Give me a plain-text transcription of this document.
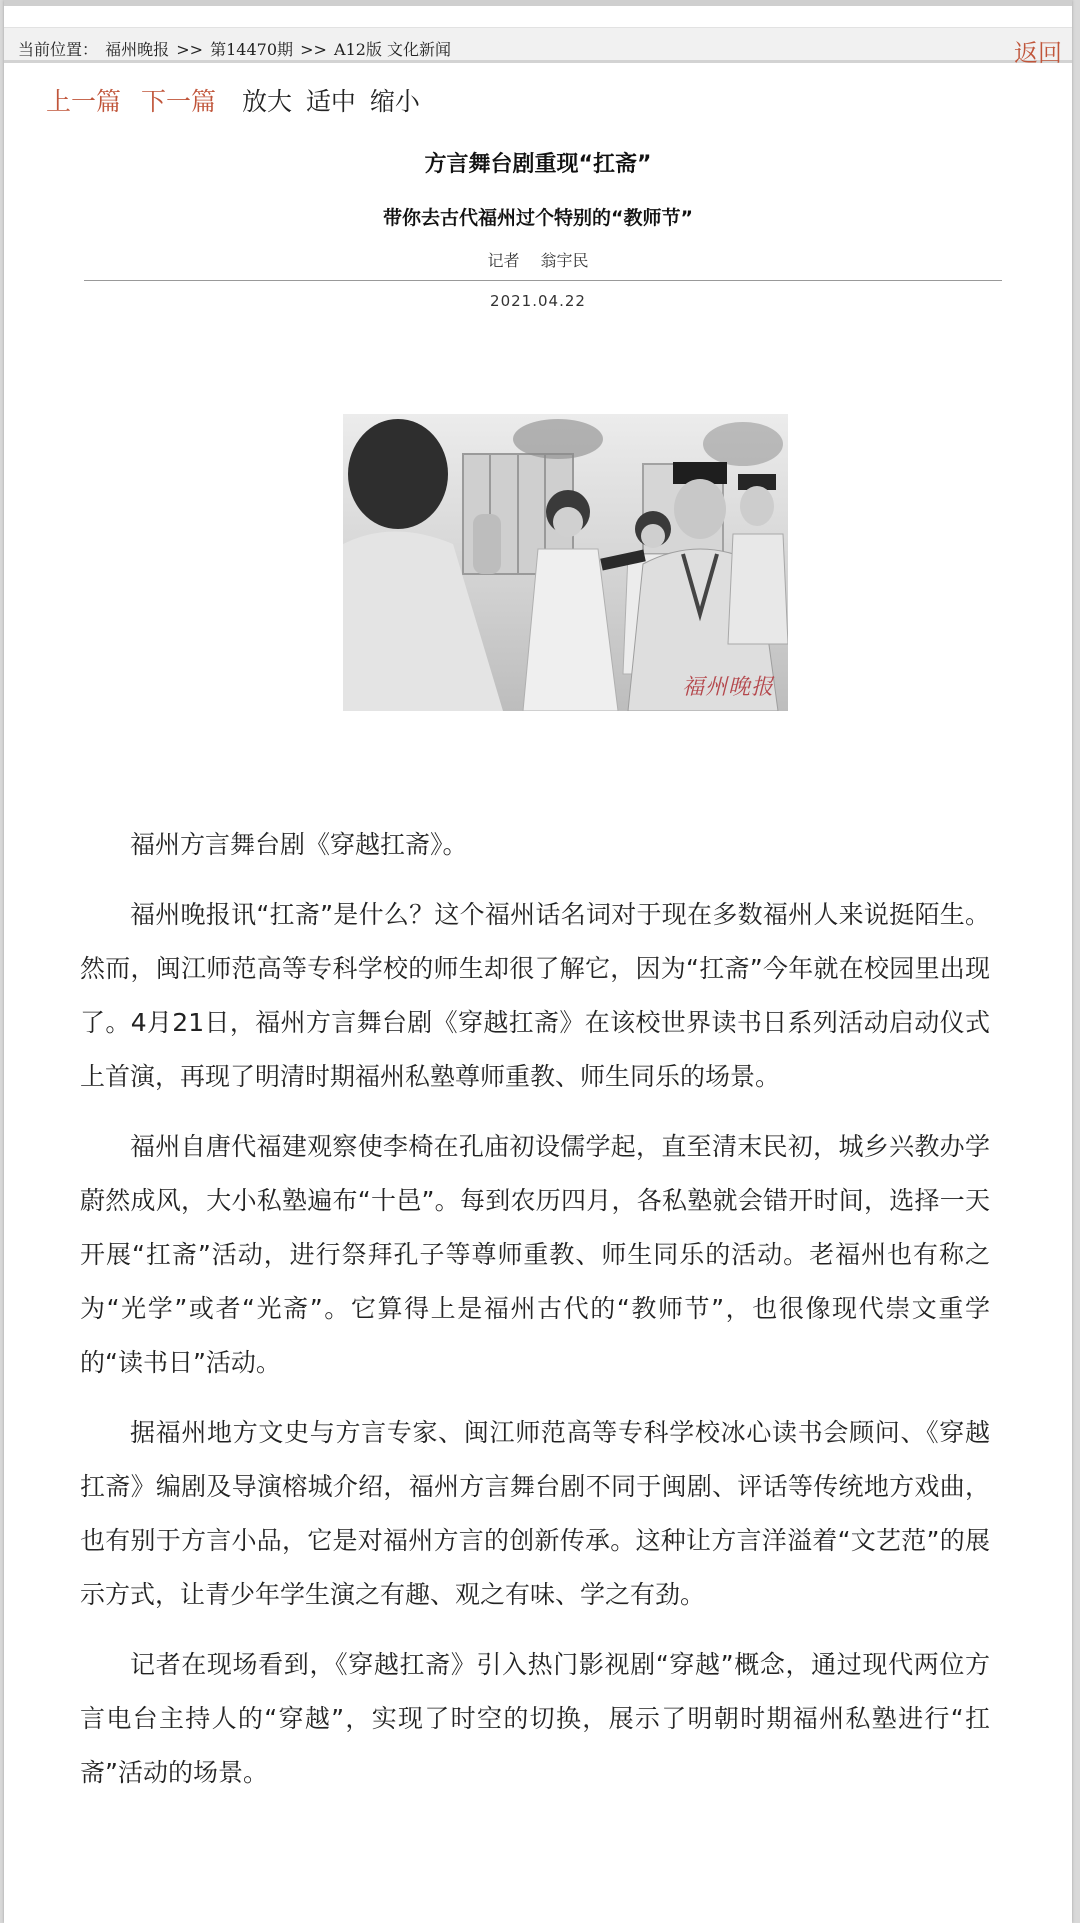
当前位置： 福州晚报 >> 第14470期 >> A12版 文化新闻	返回
上一篇 下一篇 放大 适中 缩小
方言舞台剧重现“扛斋”
带你去古代福州过个特别的“教师节”
记者 翁宇民
2021.04.22
福州晚报

福州方言舞台剧《穿越扛斋》。

福州晚报讯“扛斋”是什么？这个福州话名词对于现在多数福州人来说挺陌生。然而，闽江师范高等专科学校的师生却很了解它，因为“扛斋”今年就在校园里出现了。4月21日，福州方言舞台剧《穿越扛斋》在该校世界读书日系列活动启动仪式上首演，再现了明清时期福州私塾尊师重教、师生同乐的场景。

福州自唐代福建观察使李椅在孔庙初设儒学起，直至清末民初，城乡兴教办学蔚然成风，大小私塾遍布“十邑”。每到农历四月，各私塾就会错开时间，选择一天开展“扛斋”活动，进行祭拜孔子等尊师重教、师生同乐的活动。老福州也有称之为“光学”或者“光斋”。它算得上是福州古代的“教师节”，也很像现代崇文重学的“读书日”活动。

据福州地方文史与方言专家、闽江师范高等专科学校冰心读书会顾问、《穿越扛斋》编剧及导演榕城介绍，福州方言舞台剧不同于闽剧、评话等传统地方戏曲，也有别于方言小品，它是对福州方言的创新传承。这种让方言洋溢着“文艺范”的展示方式，让青少年学生演之有趣、观之有味、学之有劲。

记者在现场看到，《穿越扛斋》引入热门影视剧“穿越”概念，通过现代两位方言电台主持人的“穿越”，实现了时空的切换，展示了明朝时期福州私塾进行“扛斋”活动的场景。
